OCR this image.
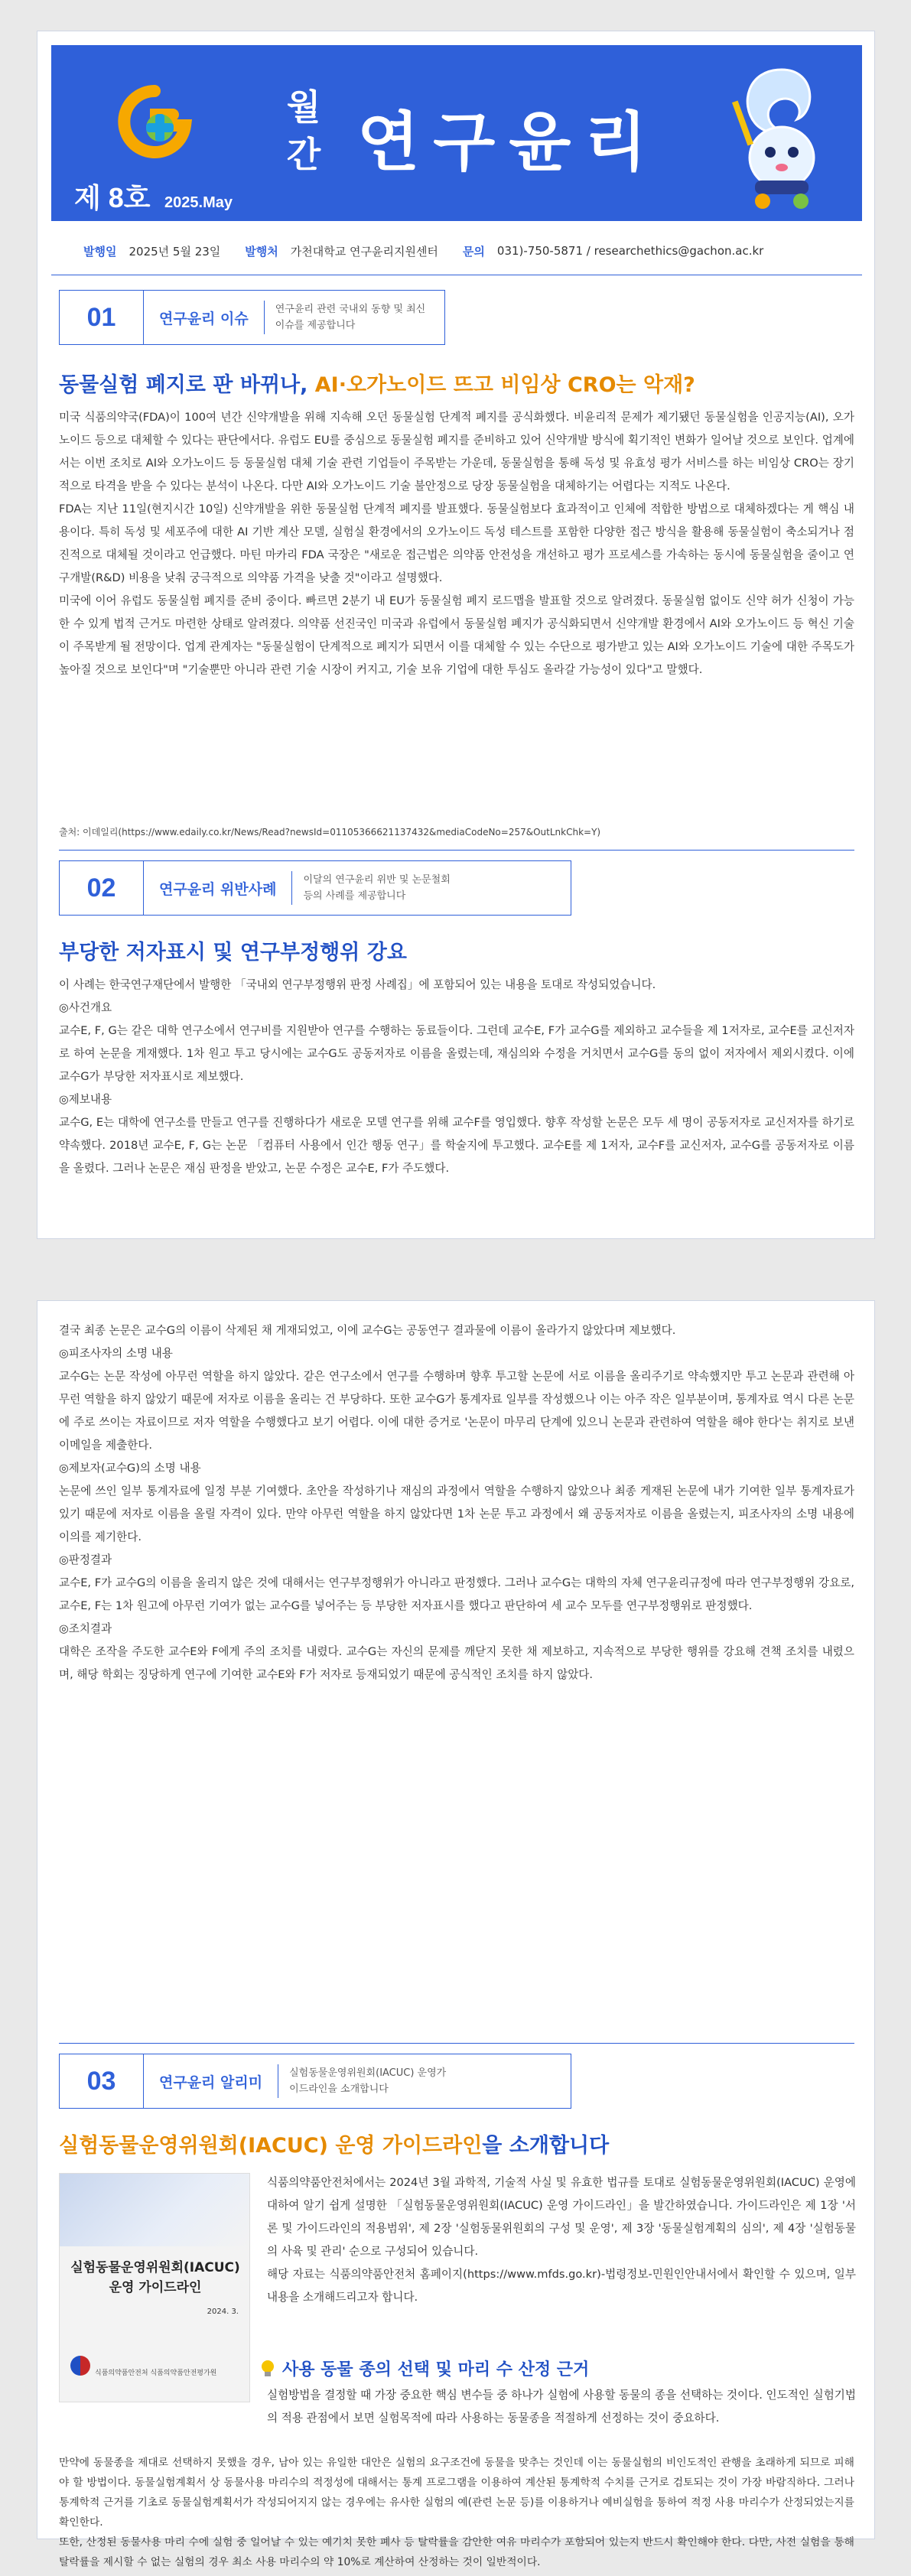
제 8호 2025.May
월
간 연구윤리
발행일 2025년 5월 23일 발행처 가천대학교 연구윤리지원센터 문의 031)-750-5871 / researchethics@gachon.ac.kr
01	연구윤리 이슈
연구윤리 관련 국내외 동향 및 최신 이슈를 제공합니다
동물실험 폐지로 판 바뀌나, AI·오가노이드 뜨고 비임상 CRO는 악재?

미국 식품의약국(FDA)이 100여 년간 신약개발을 위해 지속해 오던 동물실험 단계적 폐지를 공식화했다. 비윤리적 문제가 제기됐던 동물실험을 인공지능(AI), 오가노이드 등으로 대체할 수 있다는 판단에서다. 유럽도 EU를 중심으로 동물실험 폐지를 준비하고 있어 신약개발 방식에 획기적인 변화가 일어날 것으로 보인다. 업계에서는 이번 조치로 AI와 오가노이드 등 동물실험 대체 기술 관련 기업들이 주목받는 가운데, 동물실험을 통해 독성 및 유효성 평가 서비스를 하는 비임상 CRO는 장기적으로 타격을 받을 수 있다는 분석이 나온다. 다만 AI와 오가노이드 기술 불안정으로 당장 동물실험을 대체하기는 어렵다는 지적도 나온다.

FDA는 지난 11일(현지시간 10일) 신약개발을 위한 동물실험 단계적 폐지를 발표했다. 동물실험보다 효과적이고 인체에 적합한 방법으로 대체하겠다는 게 핵심 내용이다. 특히 독성 및 세포주에 대한 AI 기반 계산 모델, 실험실 환경에서의 오가노이드 독성 테스트를 포함한 다양한 접근 방식을 활용해 동물실험이 축소되거나 점진적으로 대체될 것이라고 언급했다. 마틴 마카리 FDA 국장은 "새로운 접근법은 의약품 안전성을 개선하고 평가 프로세스를 가속하는 동시에 동물실험을 줄이고 연구개발(R&D) 비용을 낮춰 궁극적으로 의약품 가격을 낮출 것"이라고 설명했다.

미국에 이어 유럽도 동물실험 폐지를 준비 중이다. 빠르면 2분기 내 EU가 동물실험 폐지 로드맵을 발표할 것으로 알려졌다. 동물실험 없이도 신약 허가 신청이 가능한 수 있게 법적 근거도 마련한 상태로 알려졌다. 의약품 선진국인 미국과 유럽에서 동물실험 폐지가 공식화되면서 신약개발 환경에서 AI와 오가노이드 등 혁신 기술이 주목받게 될 전망이다. 업계 관계자는 "동물실험이 단계적으로 폐지가 되면서 이를 대체할 수 있는 수단으로 평가받고 있는 AI와 오가노이드 기술에 대한 주목도가 높아질 것으로 보인다"며 "기술뿐만 아니라 관련 기술 시장이 커지고, 기술 보유 기업에 대한 투심도 올라갈 가능성이 있다"고 말했다.

출처: 이데일리(https://www.edaily.co.kr/News/Read?newsId=01105366621137432&mediaCodeNo=257&OutLnkChk=Y)
02	연구윤리 위반사례
이달의 연구윤리 위반 및 논문철회 등의 사례를 제공합니다
부당한 저자표시 및 연구부정행위 강요

이 사례는 한국연구재단에서 발행한 「국내외 연구부정행위 판정 사례집」에 포함되어 있는 내용을 토대로 작성되었습니다.

◎사건개요

교수E, F, G는 같은 대학 연구소에서 연구비를 지원받아 연구를 수행하는 동료들이다. 그런데 교수E, F가 교수G를 제외하고 교수들을 제 1저자로, 교수E를 교신저자로 하여 논문을 게재했다. 1차 원고 투고 당시에는 교수G도 공동저자로 이름을 올렸는데, 재심의와 수정을 거치면서 교수G를 동의 없이 저자에서 제외시켰다. 이에 교수G가 부당한 저자표시로 제보했다.

◎제보내용

교수G, E는 대학에 연구소를 만들고 연구를 진행하다가 새로운 모델 연구를 위해 교수F를 영입했다. 향후 작성할 논문은 모두 세 명이 공동저자로 교신저자를 하기로 약속했다. 2018년 교수E, F, G는 논문 「컴퓨터 사용에서 인간 행동 연구」를 학술지에 투고했다. 교수E를 제 1저자, 교수F를 교신저자, 교수G를 공동저자로 이름을 올렸다. 그러나 논문은 재심 판정을 받았고, 논문 수정은 교수E, F가 주도했다.

결국 최종 논문은 교수G의 이름이 삭제된 채 게재되었고, 이에 교수G는 공동연구 결과물에 이름이 올라가지 않았다며 제보했다.

◎피조사자의 소명 내용

교수G는 논문 작성에 아무런 역할을 하지 않았다. 같은 연구소에서 연구를 수행하며 향후 투고할 논문에 서로 이름을 올리주기로 약속했지만 투고 논문과 관련해 아무런 역할을 하지 않았기 때문에 저자로 이름을 올리는 건 부당하다. 또한 교수G가 통계자료 일부를 작성했으나 이는 아주 작은 일부분이며, 통계자료 역시 다른 논문에 주로 쓰이는 자료이므로 저자 역할을 수행했다고 보기 어렵다. 이에 대한 증거로 '논문이 마무리 단계에 있으니 논문과 관련하여 역할을 해야 한다'는 취지로 보낸 이메일을 제출한다.

◎제보자(교수G)의 소명 내용

논문에 쓰인 일부 통계자료에 일정 부분 기여했다. 초안을 작성하기나 재심의 과정에서 역할을 수행하지 않았으나 최종 게재된 논문에 내가 기여한 일부 통계자료가 있기 때문에 저자로 이름을 올릴 자격이 있다. 만약 아무런 역할을 하지 않았다면 1차 논문 투고 과정에서 왜 공동저자로 이름을 올렸는지, 피조사자의 소명 내용에 이의를 제기한다.

◎판정결과

교수E, F가 교수G의 이름을 올리지 않은 것에 대해서는 연구부정행위가 아니라고 판정했다. 그러나 교수G는 대학의 자체 연구윤리규정에 따라 연구부정행위 강요로, 교수E, F는 1차 원고에 아무런 기여가 없는 교수G를 넣어주는 등 부당한 저자표시를 했다고 판단하여 세 교수 모두를 연구부정행위로 판정했다.

◎조치결과

대학은 조작을 주도한 교수E와 F에게 주의 조치를 내렸다. 교수G는 자신의 문제를 깨닫지 못한 채 제보하고, 지속적으로 부당한 행위를 강요해 견책 조치를 내렸으며, 해당 학회는 징당하게 연구에 기여한 교수E와 F가 저자로 등재되었기 때문에 공식적인 조치를 하지 않았다.

03	연구윤리 알리미
실험동물운영위원회(IACUC) 운영가이드라인을 소개합니다
실험동물운영위원회(IACUC) 운영 가이드라인을 소개합니다
실험동물운영위원회(IACUC) 운영 가이드라인
2024. 3.
식품의약품안전처 식품의약품안전평가원

식품의약품안전처에서는 2024년 3월 과학적, 기술적 사실 및 유효한 법규를 토대로 실험동물운영위원회(IACUC) 운영에 대하여 알기 쉽게 설명한 「실험동물운영위원회(IACUC) 운영 가이드라인」을 발간하였습니다. 가이드라인은 제 1장 '서론 및 가이드라인의 적용범위', 제 2장 '실험동물위원회의 구성 및 운영', 제 3장 '동물실험계획의 심의', 제 4장 '실험동물의 사육 및 관리' 순으로 구성되어 있습니다.

해당 자료는 식품의약품안전처 홈페이지(https://www.mfds.go.kr)-법령정보-민원인안내서에서 확인할 수 있으며, 일부 내용을 소개해드리고자 합니다.

사용 동물 종의 선택 및 마리 수 산정 근거

실험방법을 결정할 때 가장 중요한 핵심 변수들 중 하나가 실험에 사용할 동물의 종을 선택하는 것이다. 인도적인 실험기법의 적용 관점에서 보면 실험목적에 따라 사용하는 동물종을 적절하게 선정하는 것이 중요하다.

만약에 동물종을 제대로 선택하지 못했을 경우, 남아 있는 유일한 대안은 실험의 요구조건에 동물을 맞추는 것인데 이는 동물실험의 비인도적인 관행을 초래하게 되므로 피해야 할 방법이다. 동물실험계획서 상 동물사용 마리수의 적정성에 대해서는 통계 프로그램을 이용하여 계산된 통계학적 수치를 근거로 검토되는 것이 가장 바람직하다. 그러나 통계학적 근거를 기초로 동물실험계획서가 작성되어지지 않는 경우에는 유사한 실험의 예(관련 논문 등)를 이용하거나 예비실험을 통하여 적정 사용 마리수가 산정되었는지를 확인한다.

또한, 산정된 동물사용 마리 수에 실험 중 일어날 수 있는 예기치 못한 폐사 등 탈락률을 감안한 여유 마리수가 포함되어 있는지 반드시 확인해야 한다. 다만, 사전 실험을 통해 탈락률을 제시할 수 없는 실험의 경우 최소 사용 마리수의 약 10%로 계산하여 산정하는 것이 일반적이다.
